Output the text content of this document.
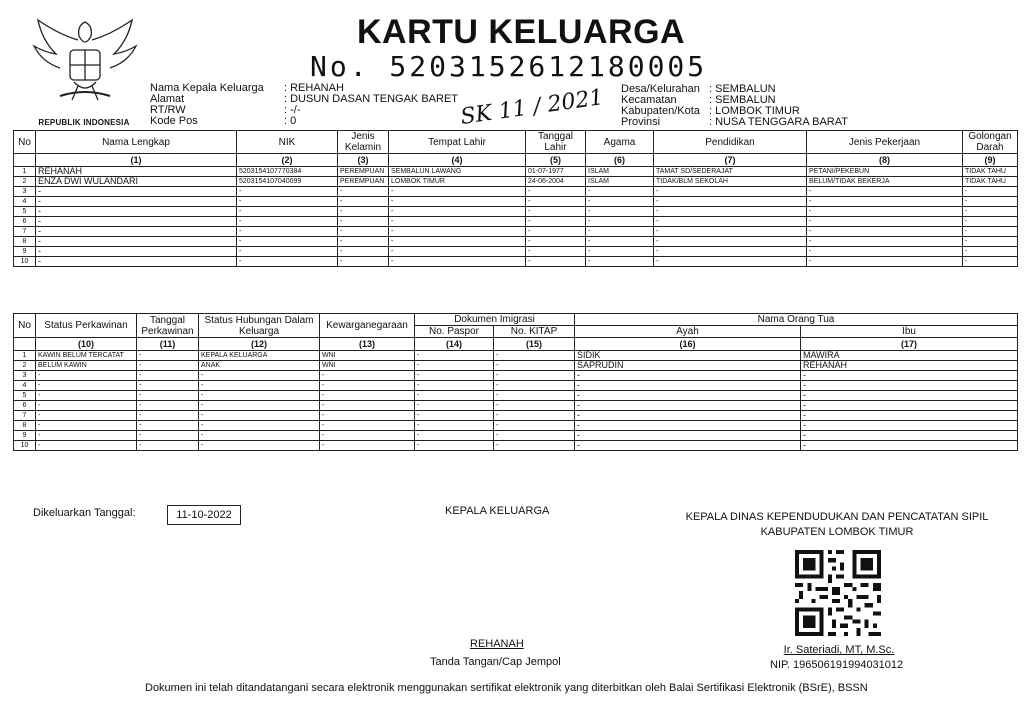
REPUBLIK INDONESIA
KARTU KELUARGA
No. 5203152612180005
SK 11 / 2021
Nama Kepala Keluarga	: REHANAH
Alamat	: DUSUN DASAN TENGAK BARET
RT/RW	: -/-
Kode Pos	: 0
Desa/Kelurahan : SEMBALUN
Kecamatan	: SEMBALUN
Kabupaten/Kota : LOMBOK TIMUR
Provinsi	: NUSA TENGGARA BARAT
No	Nama Lengkap	NIK	Jenis Kelamin	Tempat Lahir	Tanggal Lahir	Agama	Pendidikan	Jenis Pekerjaan	Golongan Darah
	(1)	(2)	(3)	(4)	(5)	(6)	(7)	(8)	(9)
1	REHANAH	5203154107770384	PEREMPUAN	SEMBALUN LAWANG	01-07-1977	ISLAM	TAMAT SD/SEDERAJAT	PETANI/PEKEBUN	TIDAK TAHU
2	ENZA DWI WULANDARI	5203154107040099	PEREMPUAN	LOMBOK TIMUR	24-06-2004	ISLAM	TIDAK/BLM SEKOLAH	BELUM/TIDAK BEKERJA	TIDAK TAHU
3	-	-	-	-	-	-	-	-	-
4	-	-	-	-	-	-	-	-	-
5	-	-	-	-	-	-	-	-	-
6	-	-	-	-	-	-	-	-	-
7	-	-	-	-	-	-	-	-	-
8	-	-	-	-	-	-	-	-	-
9	-	-	-	-	-	-	-	-	-
10	-	-	-	-	-	-	-	-	-
No	Status Perkawinan	Tanggal Perkawinan	Status Hubungan Dalam Keluarga	Kewarganegaraan	Dokumen Imigrasi		Nama Orang Tua	
					No. Paspor	No. KITAP	Ayah	Ibu
	(10)	(11)	(12)	(13)	(14)	(15)	(16)	(17)
1	KAWIN BELUM TERCATAT	-	KEPALA KELUARGA	WNI	-	-	SIDIK	MAWIRA
2	BELUM KAWIN	-	ANAK	WNI	-	-	SAPRUDIN	REHANAH
3	-	-	-	-	-	-	-	-
4	-	-	-	-	-	-	-	-
5	-	-	-	-	-	-	-	-
6	-	-	-	-	-	-	-	-
7	-	-	-	-	-	-	-	-
8	-	-	-	-	-	-	-	-
9	-	-	-	-	-	-	-	-
10	-	-	-	-	-	-	-	-
Dikeluarkan Tanggal:	11-10-2022	KEPALA KELUARGA	KEPALA DINAS KEPENDUDUKAN DAN PENCATATAN SIPIL
KABUPATEN LOMBOK TIMUR
REHANAH
Tanda Tangan/Cap Jempol
Ir. Sateriadi, MT, M.Sc.
NIP. 196506191994031012
Dokumen ini telah ditandatangani secara elektronik menggunakan sertifikat elektronik yang diterbitkan oleh Balai Sertifikasi Elektronik (BSrE), BSSN
